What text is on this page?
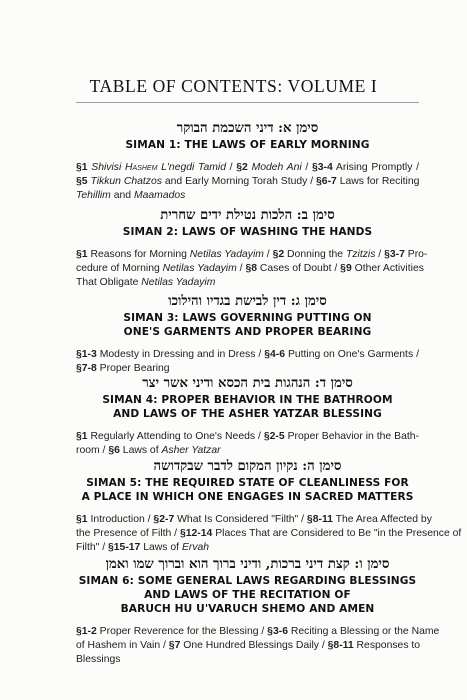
TABLE OF CONTENTS: VOLUME I
סימן א: דיני השכמת הבוקר
SIMAN 1: THE LAWS OF EARLY MORNING
§1 Shivisi Hashem L'negdi Tamid / §2 Modeh Ani / §3-4 Arising Promptly /
§5 Tikkun Chatzos and Early Morning Torah Study / §6-7 Laws for Reciting
Tehillim and Maamados
סימן ב: הלכות נטילת ידים שחרית
SIMAN 2: LAWS OF WASHING THE HANDS
§1 Reasons for Morning Netilas Yadayim / §2 Donning the Tzitzis / §3-7 Pro-
cedure of Morning Netilas Yadayim / §8 Cases of Doubt / §9 Other Activities
That Obligate Netilas Yadayim
סימן ג: דין לבישת בגדיו והילוכו
SIMAN 3: LAWS GOVERNING PUTTING ON
ONE'S GARMENTS AND PROPER BEARING
§1-3 Modesty in Dressing and in Dress / §4-6 Putting on One's Garments /
§7-8 Proper Bearing
סימן ד: הנהגות בית הכסא ודיני אשר יצר
SIMAN 4: PROPER BEHAVIOR IN THE BATHROOM
AND LAWS OF THE ASHER YATZAR BLESSING
§1 Regularly Attending to One's Needs / §2-5 Proper Behavior in the Bath-
room / §6 Laws of Asher Yatzar
סימן ה: נקיון המקום לדבר שבקדושה
SIMAN 5: THE REQUIRED STATE OF CLEANLINESS FOR
A PLACE IN WHICH ONE ENGAGES IN SACRED MATTERS
§1 Introduction / §2-7 What Is Considered "Filth" / §8-11 The Area Affected by
the Presence of Filth / §12-14 Places That are Considered to Be "in the Presence of
Filth" / §15-17 Laws of Ervah
סימן ו: קצת דיני ברכות, ודיני ברוך הוא וברוך שמו ואמן
SIMAN 6: SOME GENERAL LAWS REGARDING BLESSINGS
AND LAWS OF THE RECITATION OF
BARUCH HU U'VARUCH SHEMO AND AMEN
§1-2 Proper Reverence for the Blessing / §3-6 Reciting a Blessing or the Name
of Hashem in Vain / §7 One Hundred Blessings Daily / §8-11 Responses to
Blessings
